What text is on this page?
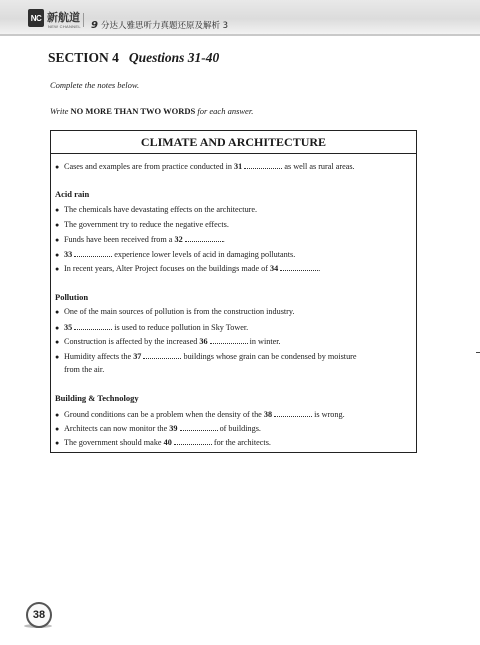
NC 新航道
NEW CHANNEL 9 分达人雅思听力真题还原及解析 3
SECTION 4 Questions 31-40
Complete the notes below.
Write NO MORE THAN TWO WORDS for each answer.
CLIMATE AND ARCHITECTURE
● Cases and examples are from practice conducted in 31	as well as rural areas.
Acid rain
● The chemicals have devastating effects on the architecture.
● The government try to reduce the negative effects.
● Funds have been received from a 32	.
● 33	experience lower levels of acid in damaging pollutants.
● In recent years, Alter Project focuses on the buildings made of 34	.
Pollution
● One of the main sources of pollution is from the construction industry.
● 35	is used to reduce pollution in Sky Tower.
● Construction is affected by the increased 36	in winter.
● Humidity affects the 37	buildings whose grain can be condensed by moisture
from the air.
Building & Technology
● Ground conditions can be a problem when the density of the 38	is wrong.
● Architects can now monitor the 39	of buildings.
● The government should make 40	for the architects.
38
